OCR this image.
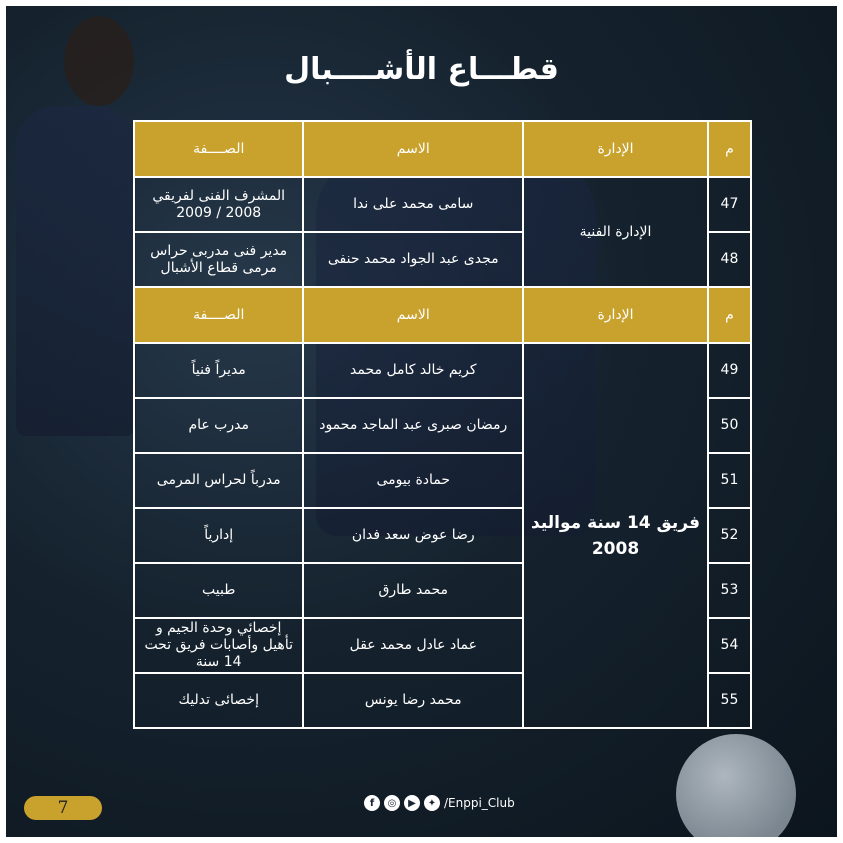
قطـــاع الأشــــبال
م	الإدارة	الاسم	الصــــفة
47	الإدارة الفنية	سامى محمد على ندا	المشرف الفنى لفريقي 2008 / 2009
48		مجدى عبد الجواد محمد حنفى	مدير فنى مدربى حراس مرمى قطاع الأشبال
م	الإدارة	الاسم	الصــــفة
49	فريق 14 سنة مواليد 2008	كريم خالد كامل محمد	مديراً فنياً
50		رمضان صبرى عبد الماجد محمود	مدرب عام
51		حمادة بيومى	مدرباً لحراس المرمى
52		رضا عوض سعد فدان	إدارياً
53		محمد طارق	طبيب
54		عماد عادل محمد عقل	إخصائي وحدة الجيم و تأهيل وأصابات فريق تحت 14 سنة
55		محمد رضا يونس	إخصائى تدليك
7	f	◎	▶	✦ /Enppi_Club
